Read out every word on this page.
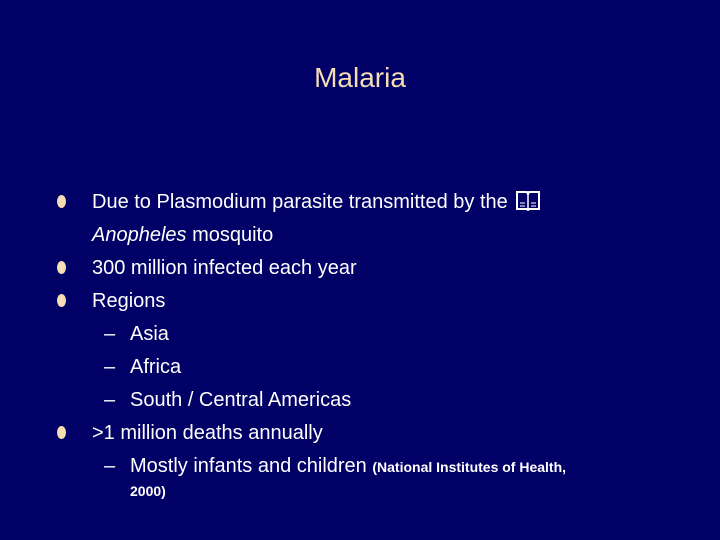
Malaria
Due to Plasmodium parasite transmitted by the
Anopheles mosquito
300 million infected each year
Regions
– Asia
– Africa
– South / Central Americas
>1 million deaths annually
– Mostly infants and children (National Institutes of Health,
2000)
